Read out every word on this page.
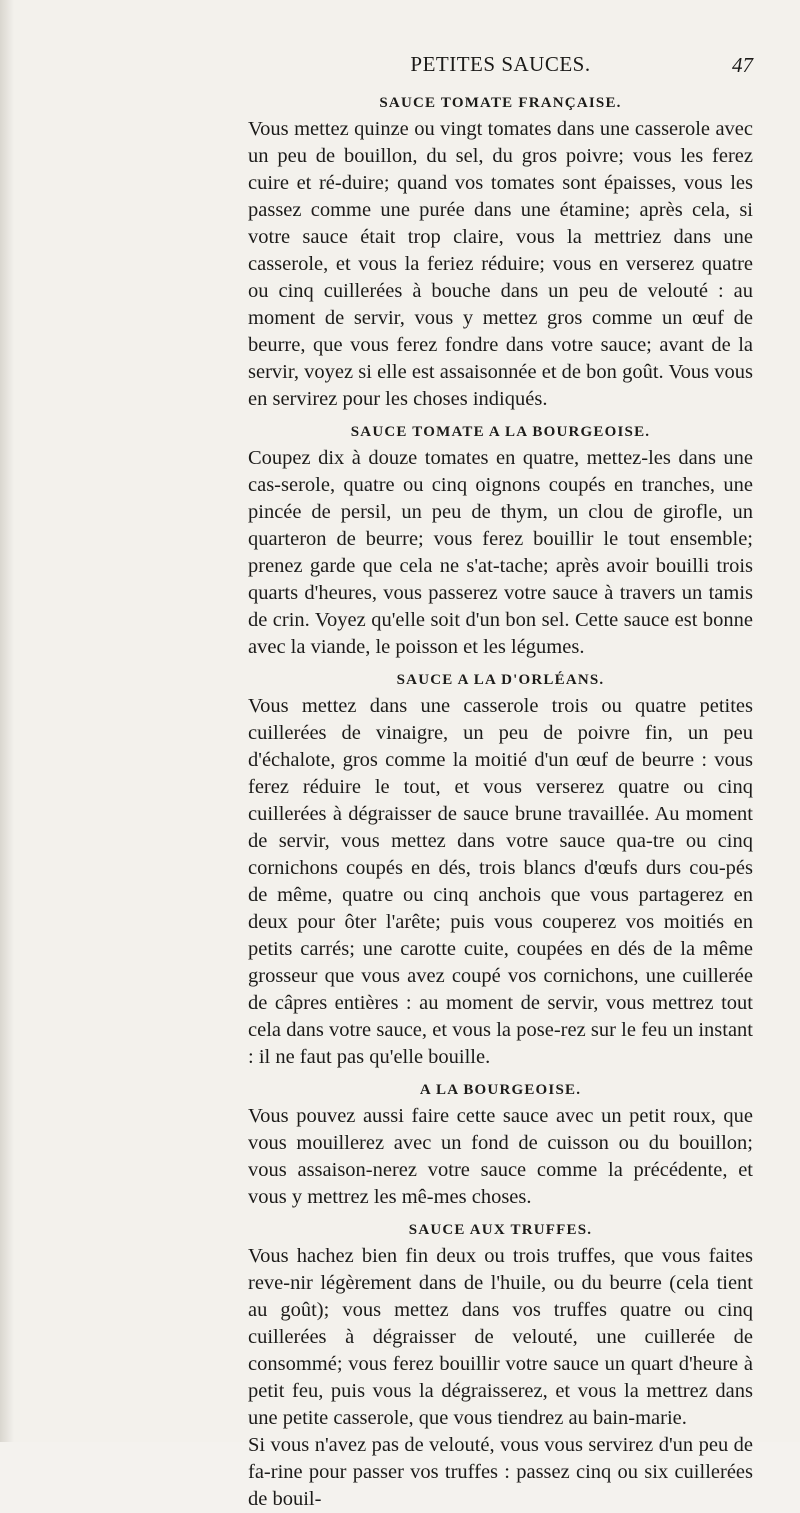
PETITES SAUCES.	47
SAUCE TOMATE FRANÇAISE.

Vous mettez quinze ou vingt tomates dans une casserole avec un peu de bouillon, du sel, du gros poivre; vous les ferez cuire et ré-duire; quand vos tomates sont épaisses, vous les passez comme une purée dans une étamine; après cela, si votre sauce était trop claire, vous la mettriez dans une casserole, et vous la feriez réduire; vous en verserez quatre ou cinq cuillerées à bouche dans un peu de velouté : au moment de servir, vous y mettez gros comme un œuf de beurre, que vous ferez fondre dans votre sauce; avant de la servir, voyez si elle est assaisonnée et de bon goût. Vous vous en servirez pour les choses indiqués.

SAUCE TOMATE A LA BOURGEOISE.

Coupez dix à douze tomates en quatre, mettez-les dans une cas-serole, quatre ou cinq oignons coupés en tranches, une pincée de persil, un peu de thym, un clou de girofle, un quarteron de beurre; vous ferez bouillir le tout ensemble; prenez garde que cela ne s'at-tache; après avoir bouilli trois quarts d'heures, vous passerez votre sauce à travers un tamis de crin. Voyez qu'elle soit d'un bon sel. Cette sauce est bonne avec la viande, le poisson et les légumes.

SAUCE A LA D'ORLÉANS.

Vous mettez dans une casserole trois ou quatre petites cuillerées de vinaigre, un peu de poivre fin, un peu d'échalote, gros comme la moitié d'un œuf de beurre : vous ferez réduire le tout, et vous verserez quatre ou cinq cuillerées à dégraisser de sauce brune travaillée. Au moment de servir, vous mettez dans votre sauce qua-tre ou cinq cornichons coupés en dés, trois blancs d'œufs durs cou-pés de même, quatre ou cinq anchois que vous partagerez en deux pour ôter l'arête; puis vous couperez vos moitiés en petits carrés; une carotte cuite, coupées en dés de la même grosseur que vous avez coupé vos cornichons, une cuillerée de câpres entières : au moment de servir, vous mettrez tout cela dans votre sauce, et vous la pose-rez sur le feu un instant : il ne faut pas qu'elle bouille.

A LA BOURGEOISE.

Vous pouvez aussi faire cette sauce avec un petit roux, que vous mouillerez avec un fond de cuisson ou du bouillon; vous assaison-nerez votre sauce comme la précédente, et vous y mettrez les mê-mes choses.

SAUCE AUX TRUFFES.

Vous hachez bien fin deux ou trois truffes, que vous faites reve-nir légèrement dans de l'huile, ou du beurre (cela tient au goût); vous mettez dans vos truffes quatre ou cinq cuillerées à dégraisser de velouté, une cuillerée de consommé; vous ferez bouillir votre sauce un quart d'heure à petit feu, puis vous la dégraisserez, et vous la mettrez dans une petite casserole, que vous tiendrez au bain-marie.

Si vous n'avez pas de velouté, vous vous servirez d'un peu de fa-rine pour passer vos truffes : passez cinq ou six cuillerées de bouil-
